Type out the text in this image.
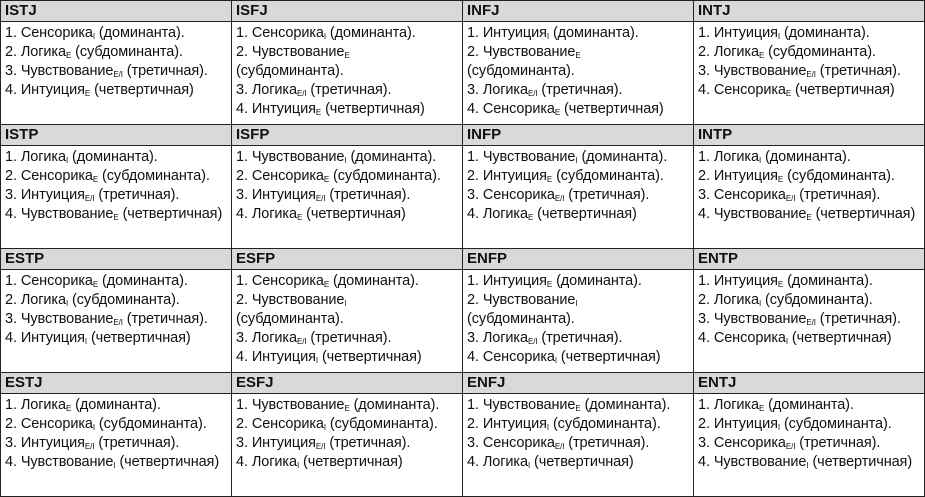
ISTJ	ISFJ	INFJ	INTJ

1. Сенсорика$_I$ (доминанта).
2. Логика$_E$ (субдоминанта).
3. Чувствование$_{E/I}$ (третичная).
4. Интуиция$_E$ (четвертичная)	1. Сенсорика$_I$ (доминанта).
2. Чувствование$_E$ (субдоминанта).
3. Логика$_{E/I}$ (третичная).
4. Интуиция$_E$ (четвертичная)	1. Интуиция$_I$ (доминанта).
2. Чувствование$_E$ (субдоминанта).
3. Логика$_{E/I}$ (третичная).
4. Сенсорика$_E$ (четвертичная)	1. Интуиция$_I$ (доминанта).
2. Логика$_E$ (субдоминанта).
3. Чувствование$_{E/I}$ (третичная).
4. Сенсорика$_E$ (четвертичная)

ISTP	ISFP	INFP	INTP

1. Логика$_I$ (доминанта).
2. Сенсорика$_E$ (субдоминанта).
3. Интуиция$_{E/I}$ (третичная).
4. Чувствование$_E$ (четвертичная)	1. Чувствование$_I$ (доминанта).
2. Сенсорика$_E$ (субдоминанта).
3. Интуиция$_{E/I}$ (третичная).
4. Логика$_E$ (четвертичная)	1. Чувствование$_I$ (доминанта).
2. Интуиция$_E$ (субдоминанта).
3. Сенсорика$_{E/I}$ (третичная).
4. Логика$_E$ (четвертичная)	1. Логика$_I$ (доминанта).
2. Интуиция$_E$ (субдоминанта).
3. Сенсорика$_{E/I}$ (третичная).
4. Чувствование$_E$ (четвертичная)

ESTP	ESFP	ENFP	ENTP

1. Сенсорика$_E$ (доминанта).
2. Логика$_I$ (субдоминанта).
3. Чувствование$_{E/I}$ (третичная).
4. Интуиция$_I$ (четвертичная)	1. Сенсорика$_E$ (доминанта).
2. Чувствование$_I$ (субдоминанта).
3. Логика$_{E/I}$ (третичная).
4. Интуиция$_I$ (четвертичная)	1. Интуиция$_E$ (доминанта).
2. Чувствование$_I$ (субдоминанта).
3. Логика$_{E/I}$ (третичная).
4. Сенсорика$_I$ (четвертичная)	1. Интуиция$_E$ (доминанта).
2. Логика$_I$ (субдоминанта).
3. Чувствование$_{E/I}$ (третичная).
4. Сенсорика$_I$ (четвертичная)

ESTJ	ESFJ	ENFJ	ENTJ

1. Логика$_E$ (доминанта).
2. Сенсорика$_I$ (субдоминанта).
3. Интуиция$_{E/I}$ (третичная).
4. Чувствование$_I$ (четвертичная)	1. Чувствование$_E$ (доминанта).
2. Сенсорика$_I$ (субдоминанта).
3. Интуиция$_{E/I}$ (третичная).
4. Логика$_I$ (четвертичная)	1. Чувствование$_E$ (доминанта).
2. Интуиция$_I$ (субдоминанта).
3. Сенсорика$_{E/I}$ (третичная).
4. Логика$_I$ (четвертичная)	1. Логика$_E$ (доминанта).
2. Интуиция$_I$ (субдоминанта).
3. Сенсорика$_{E/I}$ (третичная).
4. Чувствование$_I$ (четвертичная)
